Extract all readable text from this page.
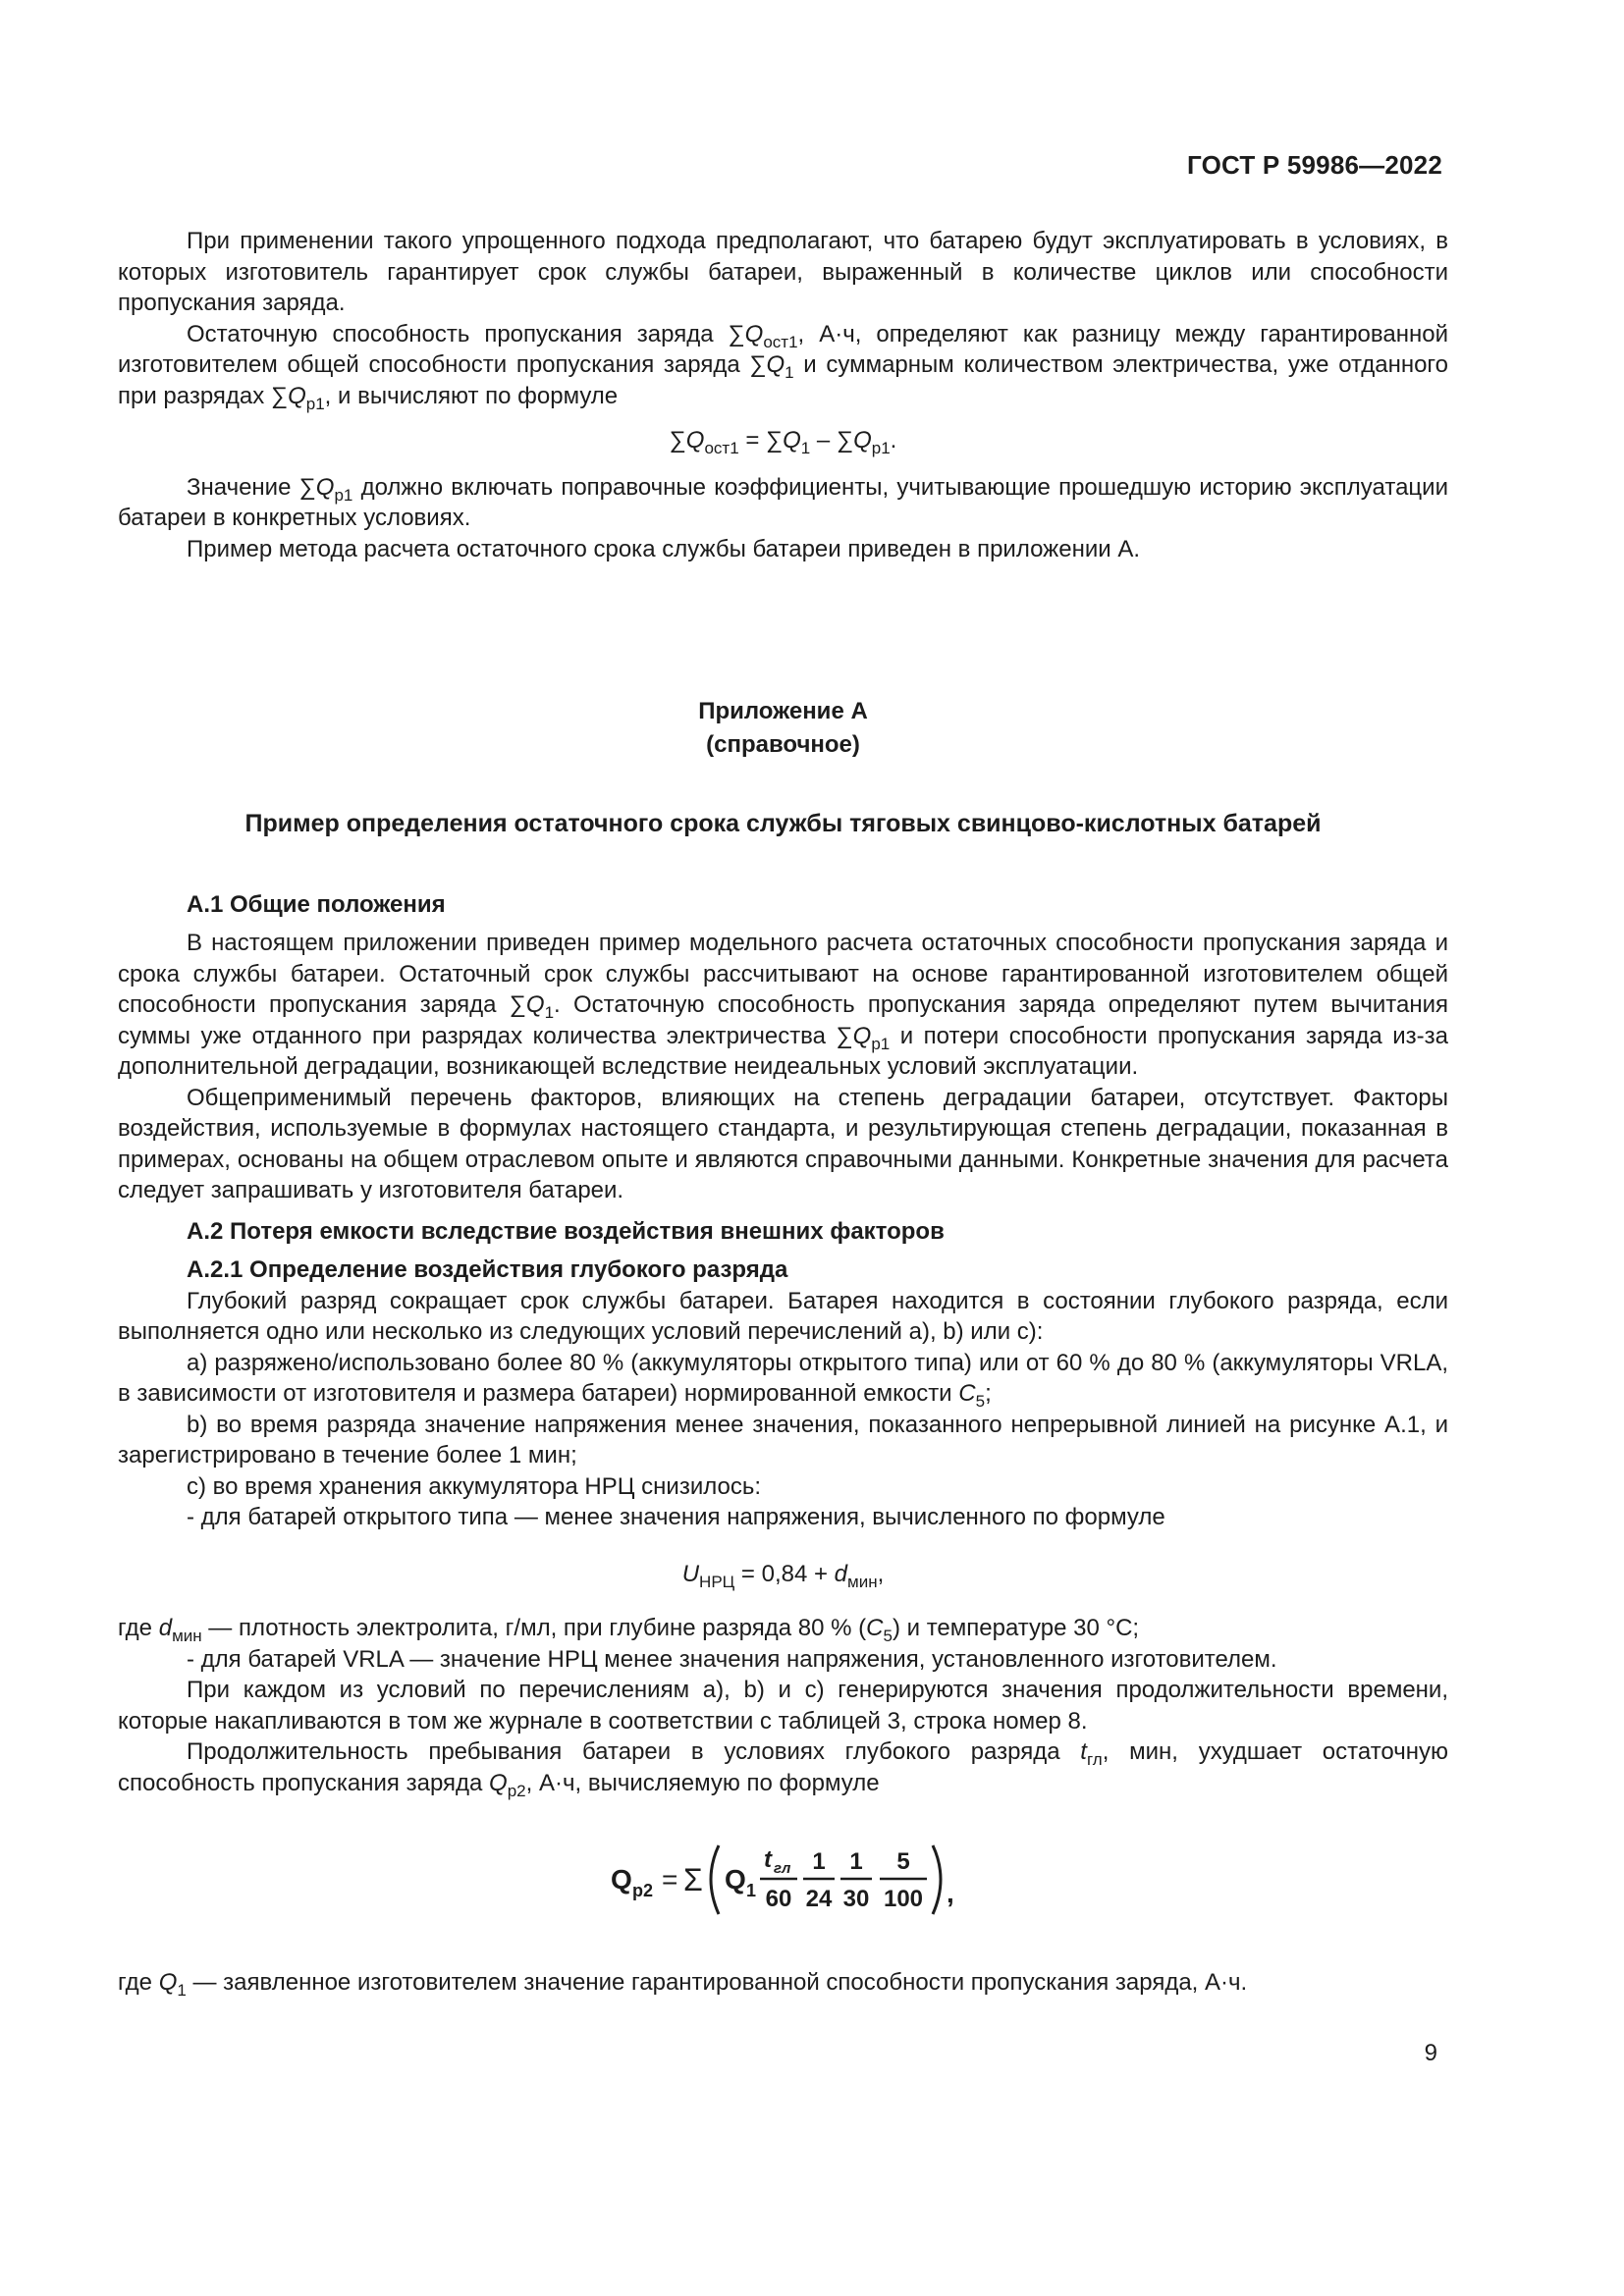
ГОСТ Р 59986—2022

При применении такого упрощенного подхода предполагают, что батарею будут эксплуатировать в условиях, в которых изготовитель гарантирует срок службы батареи, выраженный в количестве циклов или способности пропускания заряда.

Остаточную способность пропускания заряда $\sum Q_{ост1}$, А·ч, определяют как разницу между гарантированной изготовителем общей способности пропускания заряда $\sum Q_1$ и суммарным количеством электричества, уже отданного при разрядах $\sum Q_{р1}$, и вычисляют по формуле

$\sum Q_{ост1} = \sum Q_1 - \sum Q_{р1}$.

Значение $\sum Q_{р1}$ должно включать поправочные коэффициенты, учитывающие прошедшую историю эксплуатации батареи в конкретных условиях.

Пример метода расчета остаточного срока службы батареи приведен в приложении А.

Приложение А
(справочное)
Пример определения остаточного срока службы тяговых свинцово-кислотных батарей
А.1 Общие положения

В настоящем приложении приведен пример модельного расчета остаточных способности пропускания заряда и срока службы батареи. Остаточный срок службы рассчитывают на основе гарантированной изготовителем общей способности пропускания заряда $\sum Q_1$. Остаточную способность пропускания заряда определяют путем вычитания суммы уже отданного при разрядах количества электричества $\sum Q_{р1}$ и потери способности пропускания заряда из-за дополнительной деградации, возникающей вследствие неидеальных условий эксплуатации.

Общеприменимый перечень факторов, влияющих на степень деградации батареи, отсутствует. Факторы воздействия, используемые в формулах настоящего стандарта, и результирующая степень деградации, показанная в примерах, основаны на общем отраслевом опыте и являются справочными данными. Конкретные значения для расчета следует запрашивать у изготовителя батареи.

А.2 Потеря емкости вследствие воздействия внешних факторов
А.2.1 Определение воздействия глубокого разряда

Глубокий разряд сокращает срок службы батареи. Батарея находится в состоянии глубокого разряда, если выполняется одно или несколько из следующих условий перечислений а), b) или с):

а) разряжено/использовано более 80 % (аккумуляторы открытого типа) или от 60 % до 80 % (аккумуляторы VRLA, в зависимости от изготовителя и размера батареи) нормированной емкости $C_5$;

b) во время разряда значение напряжения менее значения, показанного непрерывной линией на рисунке А.1, и зарегистрировано в течение более 1 мин;

с) во время хранения аккумулятора НРЦ снизилось:

- для батарей открытого типа — менее значения напряжения, вычисленного по формуле

$U_{НРЦ} = 0,84 + d_{мин}$,

где $d_{мин}$ — плотность электролита, г/мл, при глубине разряда 80 % $(C_5)$ и температуре 30 °С;

- для батарей VRLA — значение НРЦ менее значения напряжения, установленного изготовителем.

При каждом из условий по перечислениям а), b) и с) генерируются значения продолжительности времени, которые накапливаются в том же журнале в соответствии с таблицей 3, строка номер 8.

Продолжительность пребывания батареи в условиях глубокого разряда $t_{гл}$, мин, ухудшает остаточную способность пропускания заряда $Q_{р2}$, А·ч, вычисляемую по формуле

Q р2 = Σ Q 1
t гл
60
1
24
1
30
5
100 ,

где $Q_1$ — заявленное изготовителем значение гарантированной способности пропускания заряда, А·ч.

9
